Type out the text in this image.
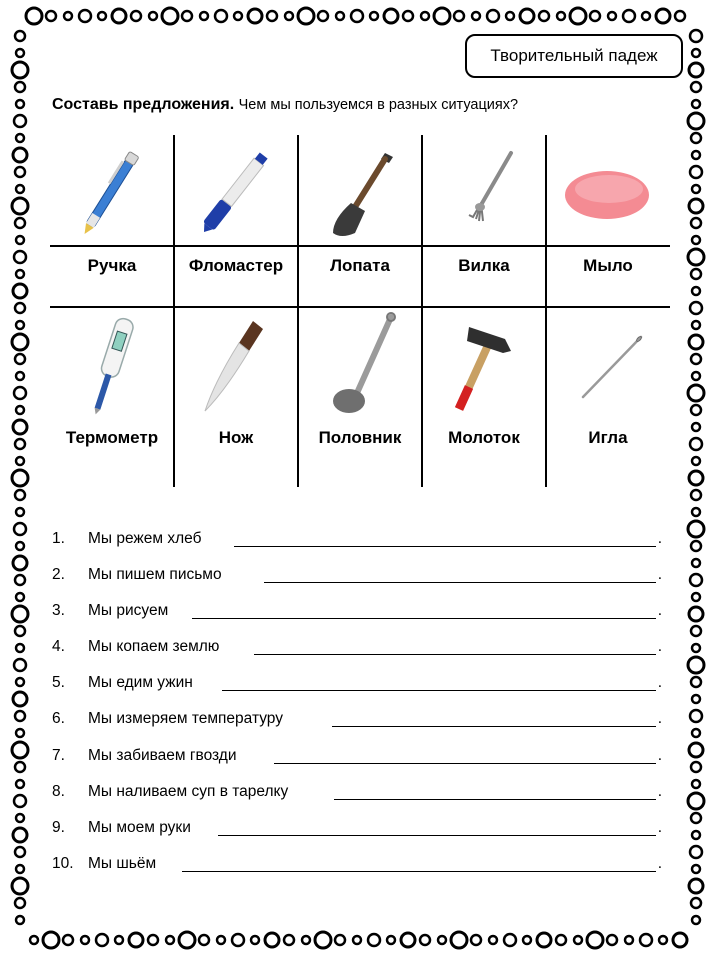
Творительный падеж
Составь предложения. Чем мы пользуемся в разных ситуациях?
Ручка	Фломастер	Лопата	Вилка	Мыло
Термометр	Нож	Половник	Молоток	Игла
1.	Мы режем хлеб	.
2.	Мы пишем письмо	.
3.	Мы рисуем	.
4.	Мы копаем землю	.
5.	Мы едим ужин	.
6.	Мы измеряем температуру	.
7.	Мы забиваем гвозди	.
8.	Мы наливаем суп в тарелку	.
9.	Мы моем руки	.
10. Мы шьём	.
